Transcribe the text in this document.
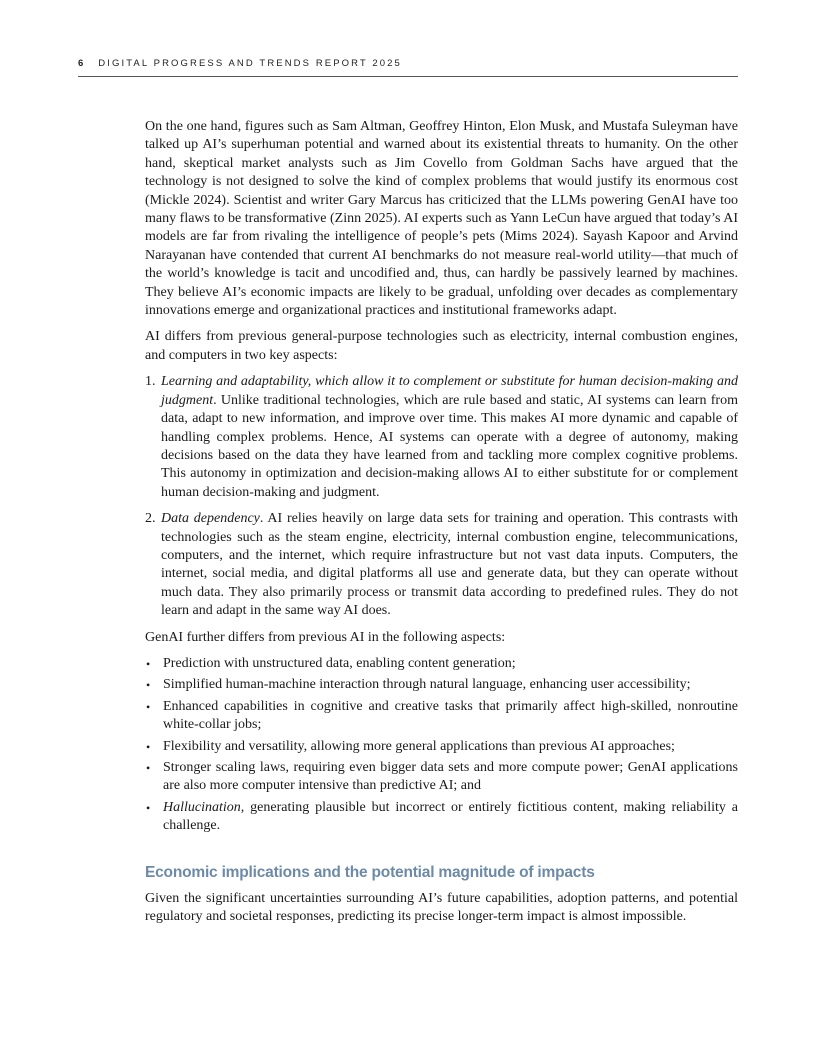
6 DIGITAL PROGRESS AND TRENDS REPORT 2025

On the one hand, figures such as Sam Altman, Geoffrey Hinton, Elon Musk, and Mustafa Suleyman have talked up AI’s superhuman potential and warned about its existential threats to humanity. On the other hand, skeptical market analysts such as Jim Covello from Goldman Sachs have argued that the technology is not designed to solve the kind of complex problems that would justify its enormous cost (Mickle 2024). Scientist and writer Gary Marcus has criticized that the LLMs powering GenAI have too many flaws to be transformative (Zinn 2025). AI experts such as Yann LeCun have argued that today’s AI models are far from rivaling the intelligence of people’s pets (Mims 2024). Sayash Kapoor and Arvind Narayanan have contended that current AI benchmarks do not measure real-world utility—that much of the world’s knowledge is tacit and uncodified and, thus, can hardly be passively learned by machines. They believe AI’s economic impacts are likely to be gradual, unfolding over decades as complementary innovations emerge and organizational practices and institutional frameworks adapt.

AI differs from previous general-purpose technologies such as electricity, internal combustion engines, and computers in two key aspects:

1. Learning and adaptability, which allow it to complement or substitute for human decision-making and judgment. Unlike traditional technologies, which are rule based and static, AI systems can learn from data, adapt to new information, and improve over time. This makes AI more dynamic and capable of handling complex problems. Hence, AI systems can operate with a degree of autonomy, making decisions based on the data they have learned from and tackling more complex cognitive problems. This autonomy in optimization and decision-making allows AI to either substitute for or complement human decision-making and judgment.
2. Data dependency. AI relies heavily on large data sets for training and operation. This contrasts with technologies such as the steam engine, electricity, internal combustion engine, telecommunications, computers, and the internet, which require infrastructure but not vast data inputs. Computers, the internet, social media, and digital platforms all use and generate data, but they can operate without much data. They also primarily process or transmit data according to predefined rules. They do not learn and adapt in the same way AI does.

GenAI further differs from previous AI in the following aspects:

• Prediction with unstructured data, enabling content generation;
• Simplified human-machine interaction through natural language, enhancing user accessibility;
• Enhanced capabilities in cognitive and creative tasks that primarily affect high-skilled, nonroutine white-collar jobs;
• Flexibility and versatility, allowing more general applications than previous AI approaches;
• Stronger scaling laws, requiring even bigger data sets and more compute power; GenAI applications are also more computer intensive than predictive AI; and
• Hallucination, generating plausible but incorrect or entirely fictitious content, making reliability a challenge.
Economic implications and the potential magnitude of impacts

Given the significant uncertainties surrounding AI’s future capabilities, adoption patterns, and potential regulatory and societal responses, predicting its precise longer-term impact is almost impossible.
